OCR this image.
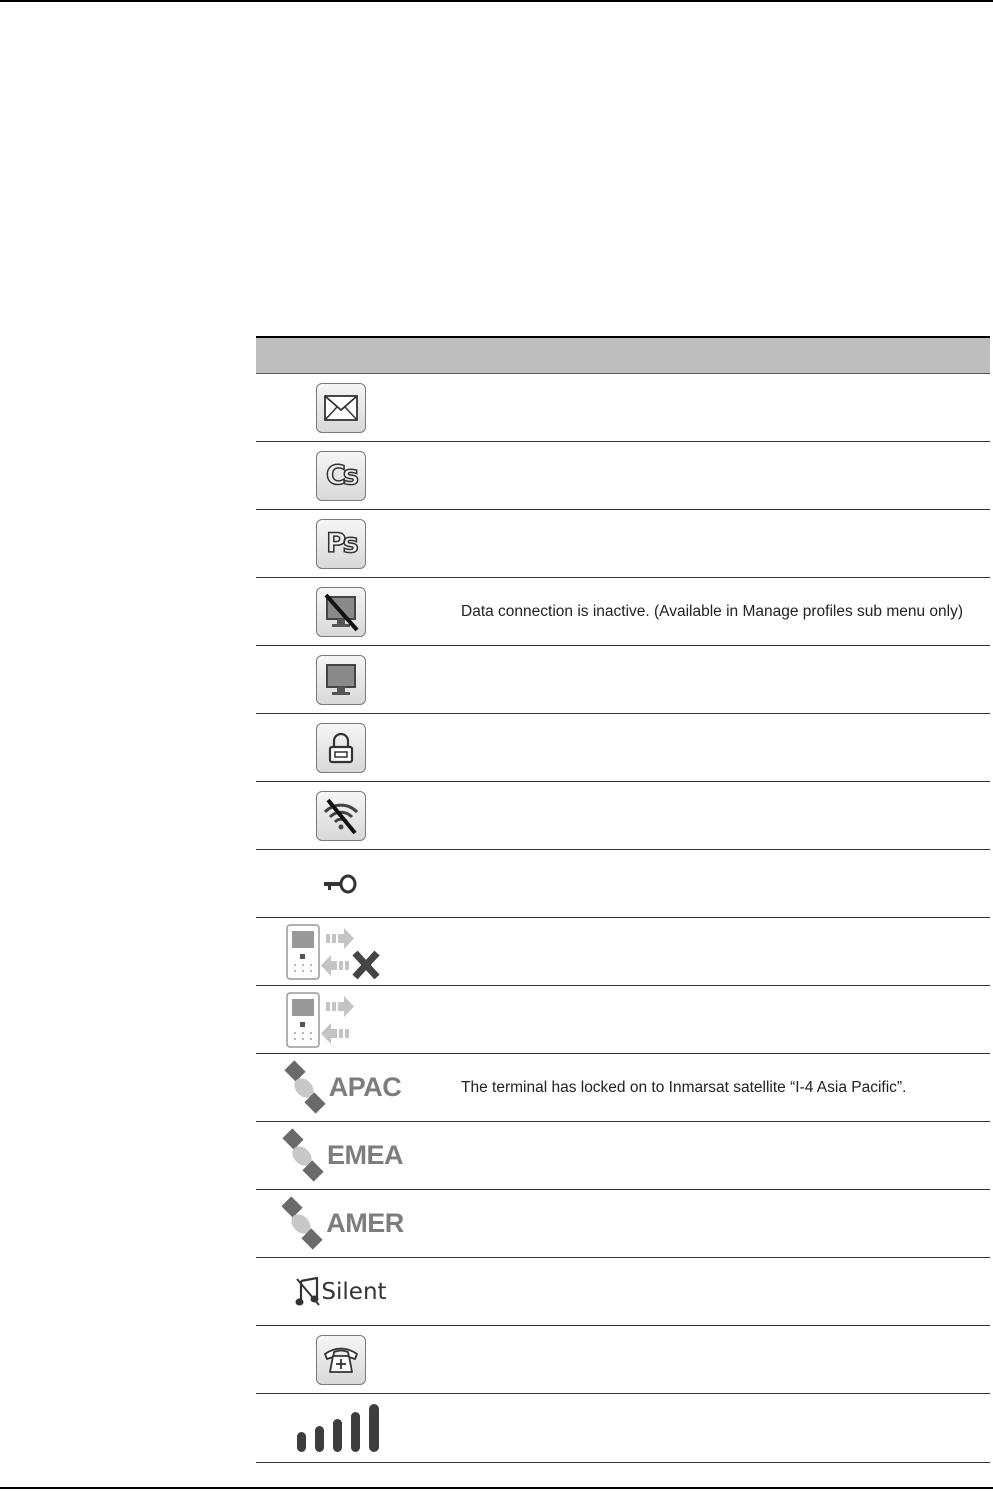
Cs
Ps
Data connection is inactive. (Available in Manage profiles sub menu only)
APAC	The terminal has locked on to Inmarsat satellite “I-4 Asia Pacific”.
EMEA
AMER
Silent
